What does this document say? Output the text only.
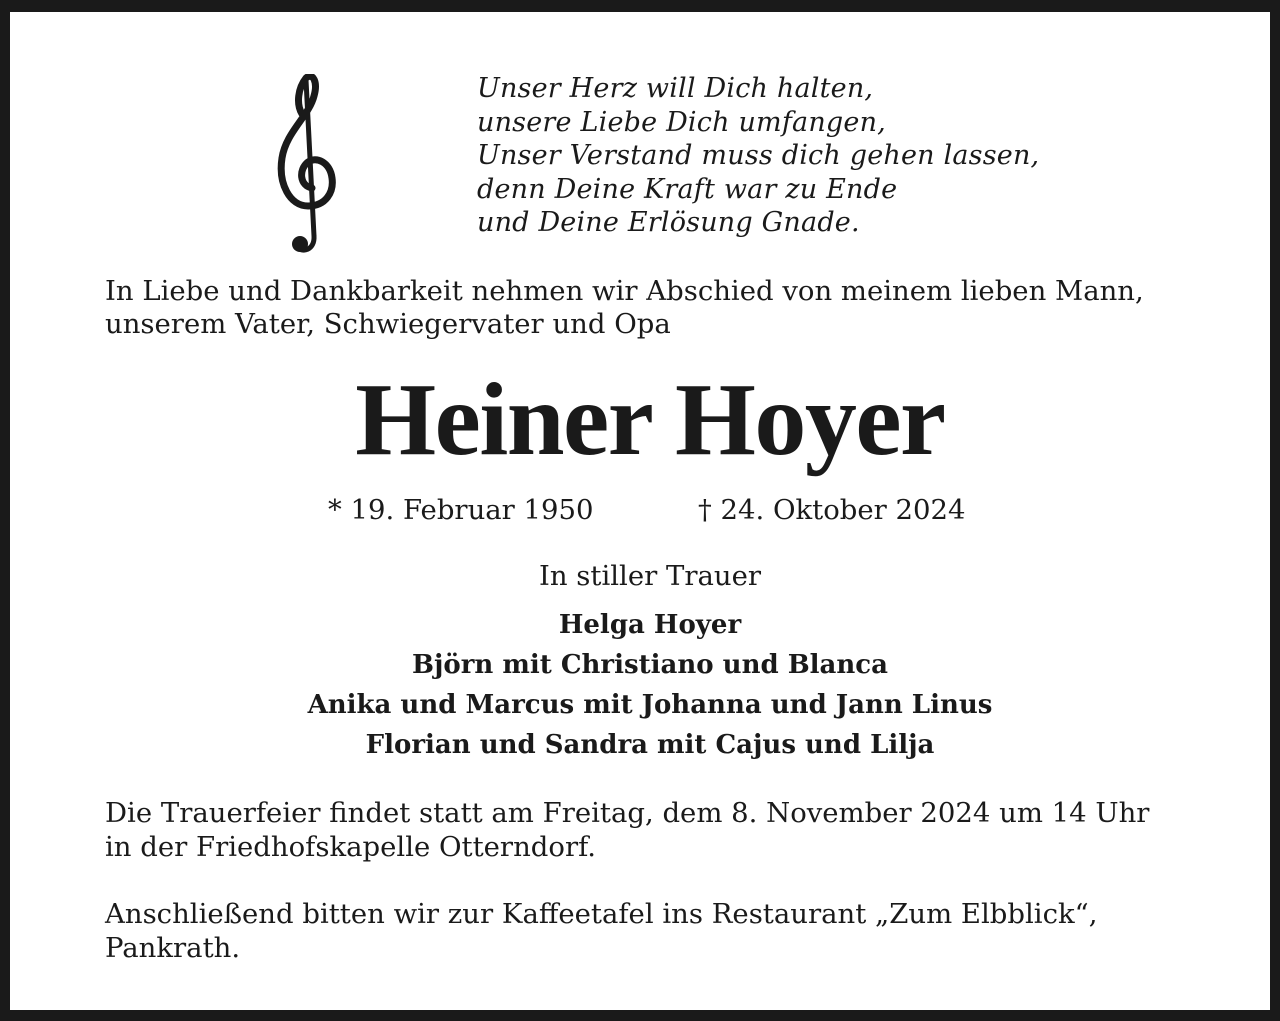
Unser Herz will Dich halten,
unsere Liebe Dich umfangen,
Unser Verstand muss dich gehen lassen,
denn Deine Kraft war zu Ende
und Deine Erlösung Gnade.
In Liebe und Dankbarkeit nehmen wir Abschied von meinem lieben Mann,
unserem Vater, Schwiegervater und Opa
Heiner Hoyer
* 19. Februar 1950	† 24. Oktober 2024
In stiller Trauer
Helga Hoyer
Björn mit Christiano und Blanca
Anika und Marcus mit Johanna und Jann Linus
Florian und Sandra mit Cajus und Lilja
Die Trauerfeier findet statt am Freitag, dem 8. November 2024 um 14 Uhr
in der Friedhofskapelle Otterndorf.
Anschließend bitten wir zur Kaffeetafel ins Restaurant „Zum Elbblick“,
Pankrath.
